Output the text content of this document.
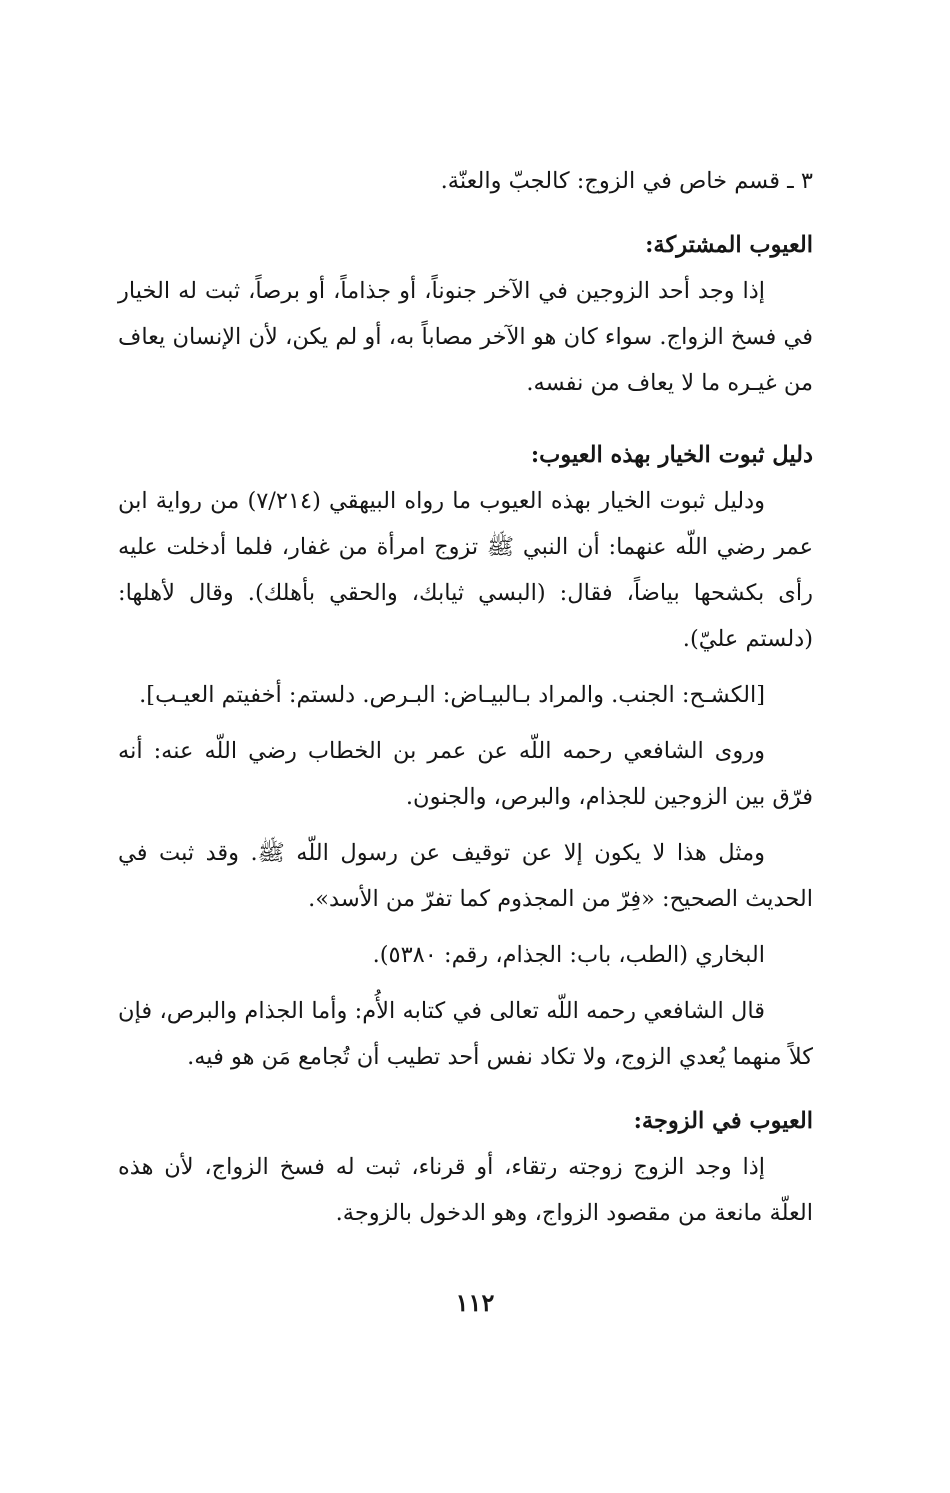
٣ ـ قسم خاص في الزوج: كالجبّ والعنّة.

العيوب المشتركة:

إذا وجد أحد الزوجين في الآخر جنوناً، أو جذاماً، أو برصاً، ثبت له الخيار في فسخ الزواج. سواء كان هو الآخر مصاباً به، أو لم يكن، لأن الإنسان يعاف من غيـره ما لا يعاف من نفسه.

دليل ثبوت الخيار بهذه العيوب:

ودليل ثبوت الخيار بهذه العيوب ما رواه البيهقي (٧/٢١٤) من رواية ابن عمر رضي اللّه عنهما: أن النبي ﷺ تزوج امرأة من غفار، فلما أدخلت عليه رأى بكشحها بياضاً، فقال: (البسي ثيابك، والحقي بأهلك). وقال لأهلها: (دلستم عليّ).

[الكشـح: الجنب. والمراد بـالبيـاض: البـرص. دلستم: أخفيتم العيـب].

وروى الشافعي رحمه اللّه عن عمر بن الخطاب رضي اللّه عنه: أنه فرّق بين الزوجين للجذام، والبرص، والجنون.

ومثل هذا لا يكون إلا عن توقيف عن رسول اللّه ﷺ. وقد ثبت في الحديث الصحيح: «فِرّ من المجذوم كما تفرّ من الأسد».

البخاري (الطب، باب: الجذام، رقم: ٥٣٨٠).

قال الشافعي رحمه اللّه تعالى في كتابه الأُم: وأما الجذام والبرص، فإن كلاً منهما يُعدي الزوج، ولا تكاد نفس أحد تطيب أن تُجامع مَن هو فيه.

العيوب في الزوجة:

إذا وجد الزوج زوجته رتقاء، أو قرناء، ثبت له فسخ الزواج، لأن هذه العلّة مانعة من مقصود الزواج، وهو الدخول بالزوجة.

١١٢
